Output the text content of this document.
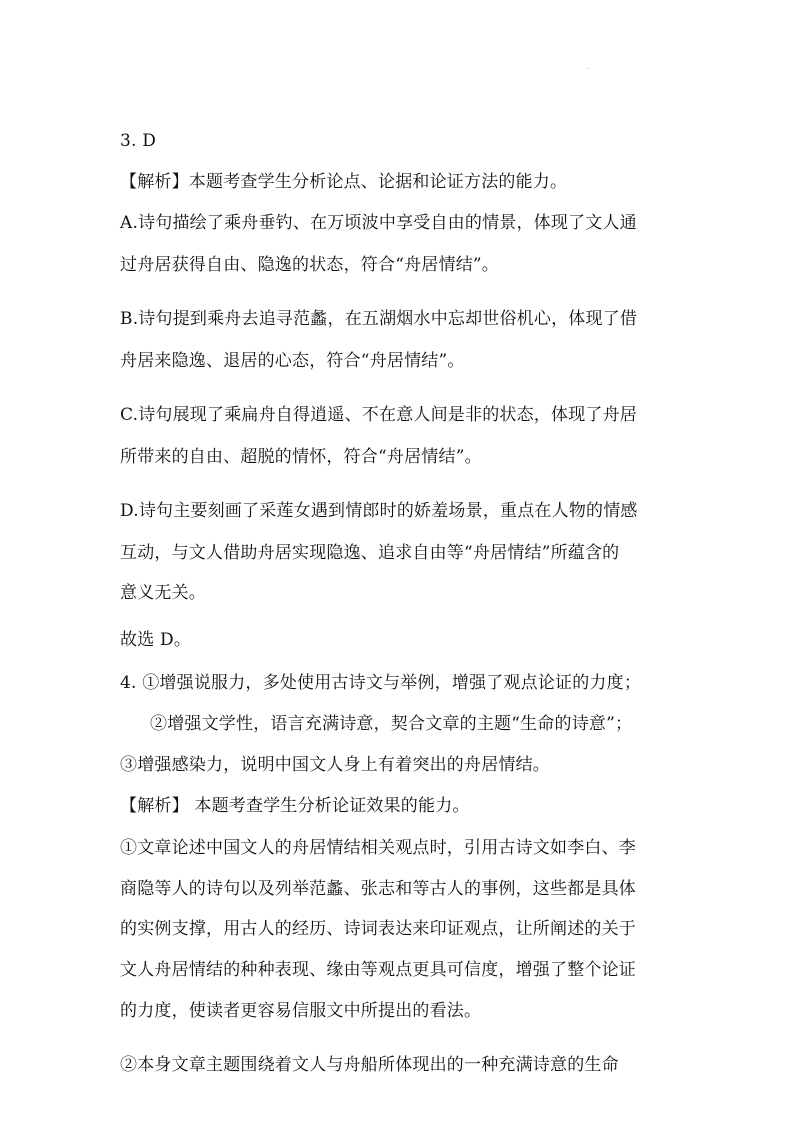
.
3. D
【解析】本题考查学生分析论点、论据和论证方法的能力。
A.诗句描绘了乘舟垂钓、在万顷波中享受自由的情景，体现了文人通
过舟居获得自由、隐逸的状态，符合“舟居情结”。
B.诗句提到乘舟去追寻范蠡，在五湖烟水中忘却世俗机心，体现了借
舟居来隐逸、退居的心态，符合“舟居情结”。
C.诗句展现了乘扁舟自得逍遥、不在意人间是非的状态，体现了舟居
所带来的自由、超脱的情怀，符合“舟居情结”。
D.诗句主要刻画了采莲女遇到情郎时的娇羞场景，重点在人物的情感
互动，与文人借助舟居实现隐逸、追求自由等“舟居情结”所蕴含的
意义无关。
故选 D。
4. ①增强说服力，多处使用古诗文与举例，增强了观点论证的力度；
②增强文学性，语言充满诗意，契合文章的主题“生命的诗意”；
③增强感染力，说明中国文人身上有着突出的舟居情结。
【解析】 本题考查学生分析论证效果的能力。
①文章论述中国文人的舟居情结相关观点时，引用古诗文如李白、李
商隐等人的诗句以及列举范蠡、张志和等古人的事例，这些都是具体
的实例支撑，用古人的经历、诗词表达来印证观点，让所阐述的关于
文人舟居情结的种种表现、缘由等观点更具可信度，增强了整个论证
的力度，使读者更容易信服文中所提出的看法。
②本身文章主题围绕着文人与舟船所体现出的一种充满诗意的生命
